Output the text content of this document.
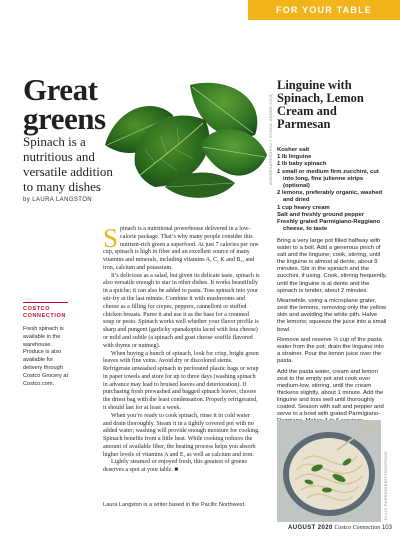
FOR YOUR TABLE
Great
greens
Spinach is a nutritious and versatile addition to many dishes
by LAURA LANGSTON
ANDRESAPERSHINI / STOCK.ADOBE.COM
COSTCO
CONNECTION
Fresh spinach is available in the warehouse. Produce is also available for delivery through Costco Grocery at Costco.com.

Spinach is a nutritional powerhouse delivered in a low-calorie package. That’s why many people consider this nutrient-rich green a superfood. At just 7 calories per raw cup, spinach is high in fiber and an excellent source of many vitamins and minerals, including vitamins A, C, K and B₂, and iron, calcium and potassium.

It’s delicious as a salad, but given its delicate taste, spinach is also versatile enough to star in other dishes. It works beautifully in a quiche; it can also be added to pasta. Toss spinach into your stir-fry at the last minute. Combine it with mushrooms and cheese as a filling for crepes, peppers, cannelloni or stuffed chicken breasts. Puree it and use it as the base for a creamed soup or pesto. Spinach works well whether your flavor profile is sharp and pungent (garlicky spanakopita laced with feta cheese) or mild and subtle (a spinach and goat cheese soufflé flavored with thyme or nutmeg).

When buying a bunch of spinach, look for crisp, bright green leaves with fine veins. Avoid dry or discolored stems. Refrigerate unwashed spinach in perforated plastic bags or wrap in paper towels and store for up to three days (washing spinach in advance may lead to bruised leaves and deterioration). If purchasing fresh prewashed and bagged spinach leaves, choose the driest bag with the least condensation. Properly refrigerated, it should last for at least a week.

When you’re ready to cook spinach, rinse it in cold water and drain thoroughly. Steam it in a tightly covered pot with no added water; washing will provide enough moisture for cooking. Spinach benefits from a little heat. While cooking reduces the amount of available fiber, the heating process helps you absorb higher levels of vitamins A and E, as well as calcium and iron.

Lightly steamed or enjoyed fresh, this greatest of greens deserves a spot at your table. ■

Laura Langston is a writer based in the Pacific Northwest.
Linguine with Spinach, Lemon Cream and Parmesan
Kosher salt
1 lb linguine
1 lb baby spinach
1 small or medium firm zucchini, cut into long, fine julienne strips (optional)
2 lemons, preferably organic, washed and dried
1 cup heavy cream
Salt and freshly ground pepper
Freshly grated Parmigiano-Reggiano cheese, to taste

Bring a very large pot filled halfway with water to a boil. Add a generous pinch of salt and the linguine; cook, stirring, until the linguine is almost al dente, about 9 minutes. Stir in the spinach and the zucchini, if using. Cook, stirring frequently, until the linguine is al dente and the spinach is tender, about 2 minutes.

Meanwhile, using a microplane grater, zest the lemons, removing only the yellow skin and avoiding the white pith. Halve the lemons; squeeze the juice into a small bowl.

Remove and reserve ½ cup of the pasta water from the pot; drain the linguine into a strainer. Pour the lemon juice over the pasta.

Add the pasta water, cream and lemon zest to the empty pot and cook over medium-low, stirring, until the cream thickens slightly, about 1 minute. Add the linguine and toss well until thoroughly coated. Season with salt and pepper and serve in a bowl with grated Parmigiano-

ELLIS PARRINDER/STOCKFOOD
AUGUST 2020 Costco Connection 103
